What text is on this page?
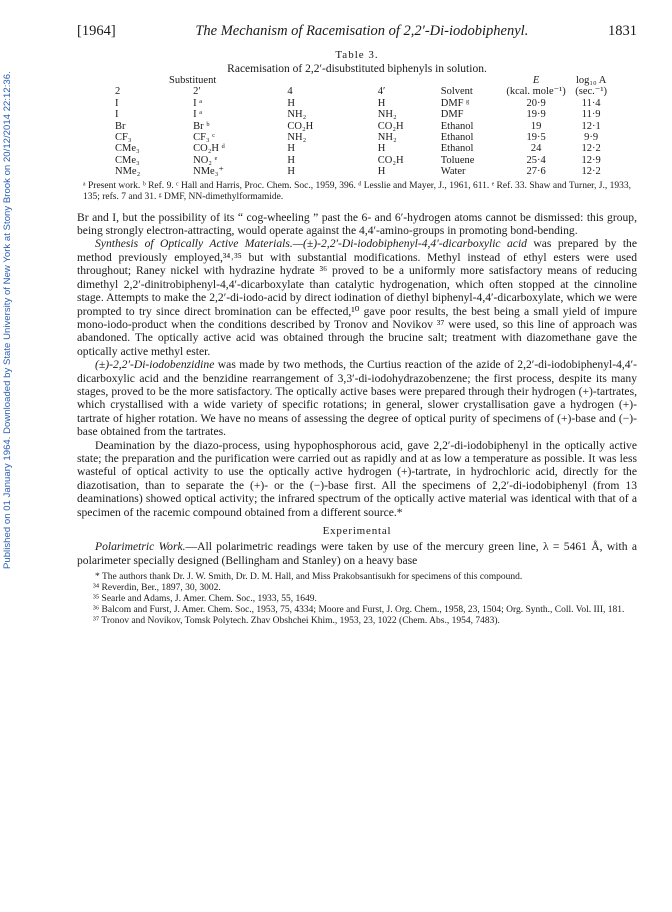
Published on 01 January 1964. Downloaded by State University of New York at Stony Brook on 20/12/2014 22:12:36.
[1964]	The Mechanism of Racemisation of 2,2′-Di-iodobiphenyl.	1831
Table 3.
Racemisation of 2,2′-disubstituted biphenyls in solution.
Substituent					E	log₁₀ A
2	2′	4	4′	Solvent	(kcal. mole⁻¹)	(sec.⁻¹)
I	I ᵃ	H	H	DMF ᵍ	20·9	11·4
I	I ᵃ	NH₂	NH₂	DMF	19·9	11·9
Br	Br ᵇ	CO₂H	CO₂H	Ethanol	19	12·1
CF₃	CF₃ ᶜ	NH₂	NH₂	Ethanol	19·5	9·9
CMe₃	CO₂H ᵈ	H	H	Ethanol	24	12·2
CMe₃	NO₂ ᵉ	H	CO₂H	Toluene	25·4	12·9
NMe₂	NMe₃⁺	H	H	Water	27·6	12·2
ᵃ Present work. ᵇ Ref. 9. ᶜ Hall and Harris, Proc. Chem. Soc., 1959, 396. ᵈ Lesslie and Mayer, J., 1961, 611. ᵉ Ref. 33. Shaw and Turner, J., 1933, 135; refs. 7 and 31. ᵍ DMF, NN-dimethylformamide.

Br and I, but the possibility of its “ cog-wheeling ” past the 6- and 6′-hydrogen atoms cannot be dismissed: this group, being strongly electron-attracting, would operate against the 4,4′-amino-groups in promoting bond-bending.

Synthesis of Optically Active Materials.—(±)-2,2′-Di-iodobiphenyl-4,4′-dicarboxylic acid was prepared by the method previously employed,³⁴˒³⁵ but with substantial modifications. Methyl instead of ethyl esters were used throughout; Raney nickel with hydrazine hydrate ³⁶ proved to be a uniformly more satisfactory means of reducing dimethyl 2,2′-dinitrobiphenyl-4,4′-dicarboxylate than catalytic hydrogenation, which often stopped at the cinnoline stage. Attempts to make the 2,2′-di-iodo-acid by direct iodination of diethyl biphenyl-4,4′-dicarboxylate, which we were prompted to try since direct bromination can be effected,¹⁰ gave poor results, the best being a small yield of impure mono-iodo-product when the conditions described by Tronov and Novikov ³⁷ were used, so this line of approach was abandoned. The optically active acid was obtained through the brucine salt; treatment with diazomethane gave the optically active methyl ester.

(±)-2,2′-Di-iodobenzidine was made by two methods, the Curtius reaction of the azide of 2,2′-di-iodobiphenyl-4,4′-dicarboxylic acid and the benzidine rearrangement of 3,3′-di-iodohydrazobenzene; the first process, despite its many stages, proved to be the more satisfactory. The optically active bases were prepared through their hydrogen (+)-tartrates, which crystallised with a wide variety of specific rotations; in general, slower crystallisation gave a hydrogen (+)-tartrate of higher rotation. We have no means of assessing the degree of optical purity of specimens of (+)-base and (−)-base obtained from the tartrates.

Deamination by the diazo-process, using hypophosphorous acid, gave 2,2′-di-iodobiphenyl in the optically active state; the preparation and the purification were carried out as rapidly and at as low a temperature as possible. It was less wasteful of optical activity to use the optically active hydrogen (+)-tartrate, in hydrochloric acid, directly for the diazotisation, than to separate the (+)- or the (−)-base first. All the specimens of 2,2′-di-iodobiphenyl (from 13 deaminations) showed optical activity; the infrared spectrum of the optically active material was identical with that of a specimen of the racemic compound obtained from a different source.*

Experimental

Polarimetric Work.—All polarimetric readings were taken by use of the mercury green line, λ = 5461 Å, with a polarimeter specially designed (Bellingham and Stanley) on a heavy base

* The authors thank Dr. J. W. Smith, Dr. D. M. Hall, and Miss Prakobsantisukh for specimens of this compound.
³⁴ Reverdin, Ber., 1897, 30, 3002.
³⁵ Searle and Adams, J. Amer. Chem. Soc., 1933, 55, 1649.
³⁶ Balcom and Furst, J. Amer. Chem. Soc., 1953, 75, 4334; Moore and Furst, J. Org. Chem., 1958, 23, 1504; Org. Synth., Coll. Vol. III, 181.
³⁷ Tronov and Novikov, Tomsk Polytech. Zhav Obshchei Khim., 1953, 23, 1022 (Chem. Abs., 1954, 7483).
